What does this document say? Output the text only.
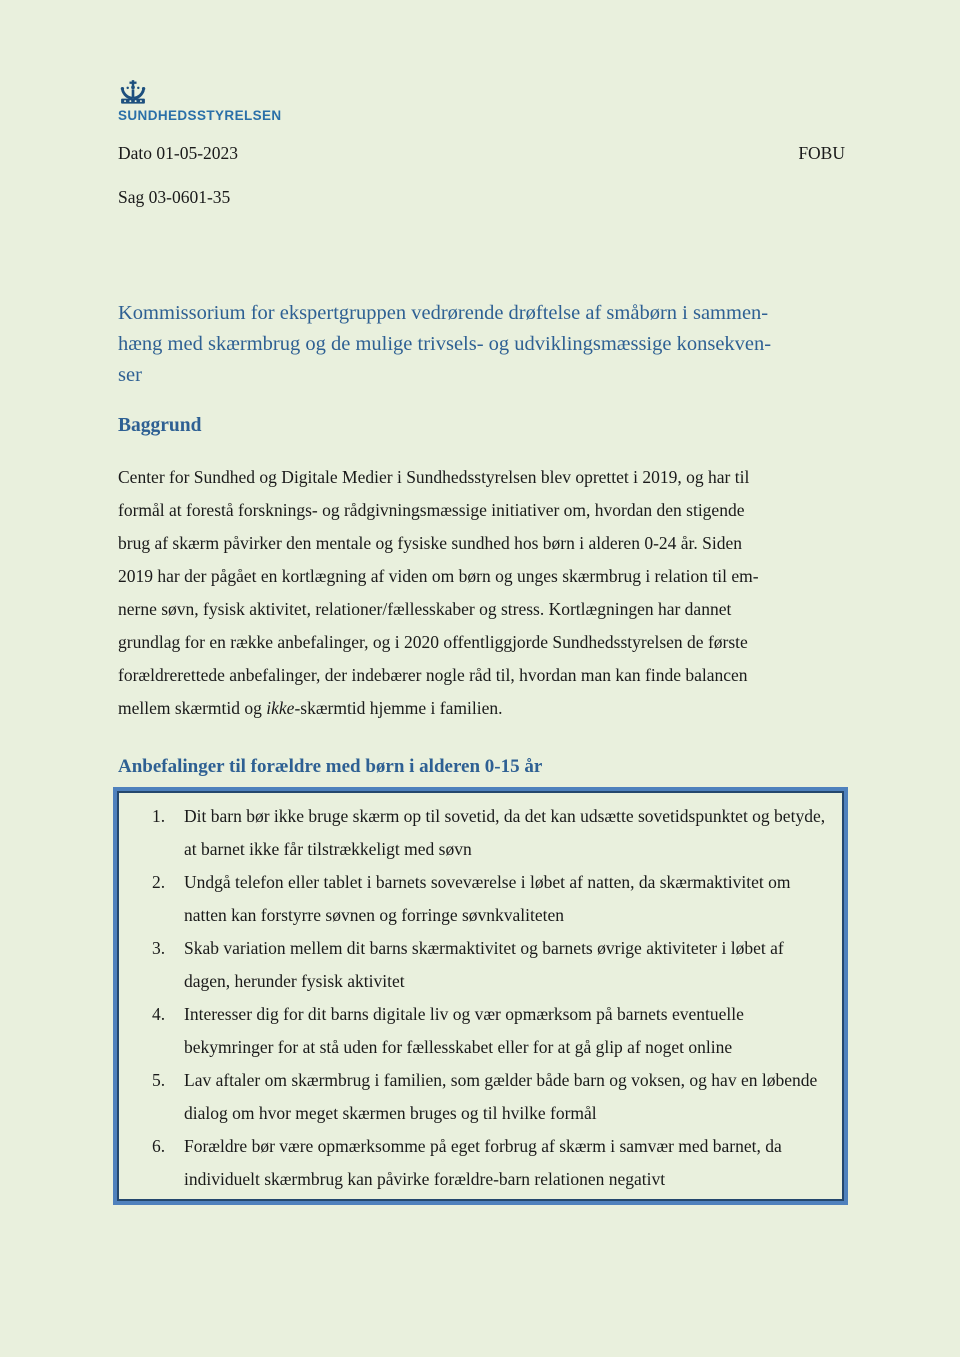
SUNDHEDSSTYRELSEN
Dato 01-05-2023	FOBU
Sag 03-0601-35
Kommissorium for ekspertgruppen vedrørende drøftelse af småbørn i sammen-
hæng med skærmbrug og de mulige trivsels- og udviklingsmæssige konsekven-
ser
Baggrund
Center for Sundhed og Digitale Medier i Sundhedsstyrelsen blev oprettet i 2019, og har til
formål at forestå forsknings- og rådgivningsmæssige initiativer om, hvordan den stigende
brug af skærm påvirker den mentale og fysiske sundhed hos børn i alderen 0-24 år. Siden
2019 har der pågået en kortlægning af viden om børn og unges skærmbrug i relation til em-
nerne søvn, fysisk aktivitet, relationer/fællesskaber og stress. Kortlægningen har dannet
grundlag for en række anbefalinger, og i 2020 offentliggjorde Sundhedsstyrelsen de første
forældrerettede anbefalinger, der indebærer nogle råd til, hvordan man kan finde balancen
mellem skærmtid og ikke-skærmtid hjemme i familien.
Anbefalinger til forældre med børn i alderen 0-15 år
1.	Dit barn bør ikke bruge skærm op til sovetid, da det kan udsætte sovetidspunktet og betyde, at barnet ikke får tilstrækkeligt med søvn
2.	Undgå telefon eller tablet i barnets soveværelse i løbet af natten, da skærmaktivitet om natten kan forstyrre søvnen og forringe søvnkvaliteten
3.	Skab variation mellem dit barns skærmaktivitet og barnets øvrige aktiviteter i løbet af dagen, herunder fysisk aktivitet
4.	Interesser dig for dit barns digitale liv og vær opmærksom på barnets eventuelle bekymringer for at stå uden for fællesskabet eller for at gå glip af noget online
5.	Lav aftaler om skærmbrug i familien, som gælder både barn og voksen, og hav en løbende dialog om hvor meget skærmen bruges og til hvilke formål
6.	Forældre bør være opmærksomme på eget forbrug af skærm i samvær med barnet, da individuelt skærmbrug kan påvirke forældre-barn relationen negativt
